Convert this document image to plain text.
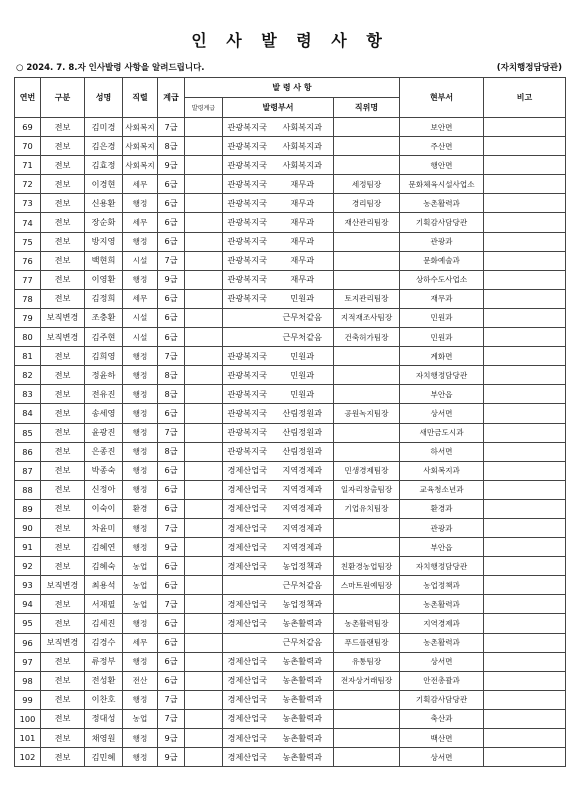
인 사 발 령 사 항
○ 2024. 7. 8.자 인사발령 사항을 알려드립니다.	(자치행정담당관)
연번	구분	성명	직렬	계급	발 령 사 항				현부서	비고
					발령계급	발령부서		직위명		
69	전보	김미경	사회복지	7급		관광복지국	사회복지과		보안면	
70	전보	김은경	사회복지	8급		관광복지국	사회복지과		주산면	
71	전보	김효정	사회복지	9급		관광복지국	사회복지과		행안면	
72	전보	이경현	세무	6급		관광복지국	재무과	세정팀장	문화체육시설사업소	
73	전보	신용환	행정	6급		관광복지국	재무과	경리팀장	농촌활력과	
74	전보	장순화	세무	6급		관광복지국	재무과	재산관리팀장	기획감사담당관	
75	전보	방지영	행정	6급		관광복지국	재무과		관광과	
76	전보	백현희	시설	7급		관광복지국	재무과		문화예술과	
77	전보	이영환	행정	9급		관광복지국	재무과		상하수도사업소	
78	전보	김정희	세무	6급		관광복지국	민원과	토지관리팀장	재무과	
79	보직변경	조충환	시설	6급			근무처같음	지적재조사팀장	민원과	
80	보직변경	김주현	시설	6급			근무처같음	건축허가팀장	민원과	
81	전보	김희영	행정	7급		관광복지국	민원과		계화면	
82	전보	정윤하	행정	8급		관광복지국	민원과		자치행정담당관	
83	전보	전유진	행정	8급		관광복지국	민원과		부안읍	
84	전보	송세영	행정	6급		관광복지국	산림정원과	공원녹지팀장	상서면	
85	전보	윤광진	행정	7급		관광복지국	산림정원과		새만금도시과	
86	전보	은종진	행정	8급		관광복지국	산림정원과		하서면	
87	전보	박종숙	행정	6급		경제산업국	지역경제과	민생경제팀장	사회복지과	
88	전보	신정아	행정	6급		경제산업국	지역경제과	일자리창출팀장	교육청소년과	
89	전보	이숙이	환경	6급		경제산업국	지역경제과	기업유치팀장	환경과	
90	전보	차윤미	행정	7급		경제산업국	지역경제과		관광과	
91	전보	김혜연	행정	9급		경제산업국	지역경제과		부안읍	
92	전보	김혜숙	농업	6급		경제산업국	농업정책과	친환경농업팀장	자치행정담당관	
93	보직변경	최용석	농업	6급			근무처같음	스마트원예팀장	농업정책과	
94	전보	서재필	농업	7급		경제산업국	농업정책과		농촌활력과	
95	전보	김세진	행정	6급		경제산업국	농촌활력과	농촌활력팀장	지역경제과	
96	보직변경	김경수	세무	6급			근무처같음	푸드플랜팀장	농촌활력과	
97	전보	류정부	행정	6급		경제산업국	농촌활력과	유통팀장	상서면	
98	전보	전성환	전산	6급		경제산업국	농촌활력과	전자상거래팀장	안전총괄과	
99	전보	이찬호	행정	7급		경제산업국	농촌활력과		기획감사담당관	
100	전보	정대성	농업	7급		경제산업국	농촌활력과		축산과	
101	전보	채영원	행정	9급		경제산업국	농촌활력과		백산면	
102	전보	김민혜	행정	9급		경제산업국	농촌활력과		상서면	
